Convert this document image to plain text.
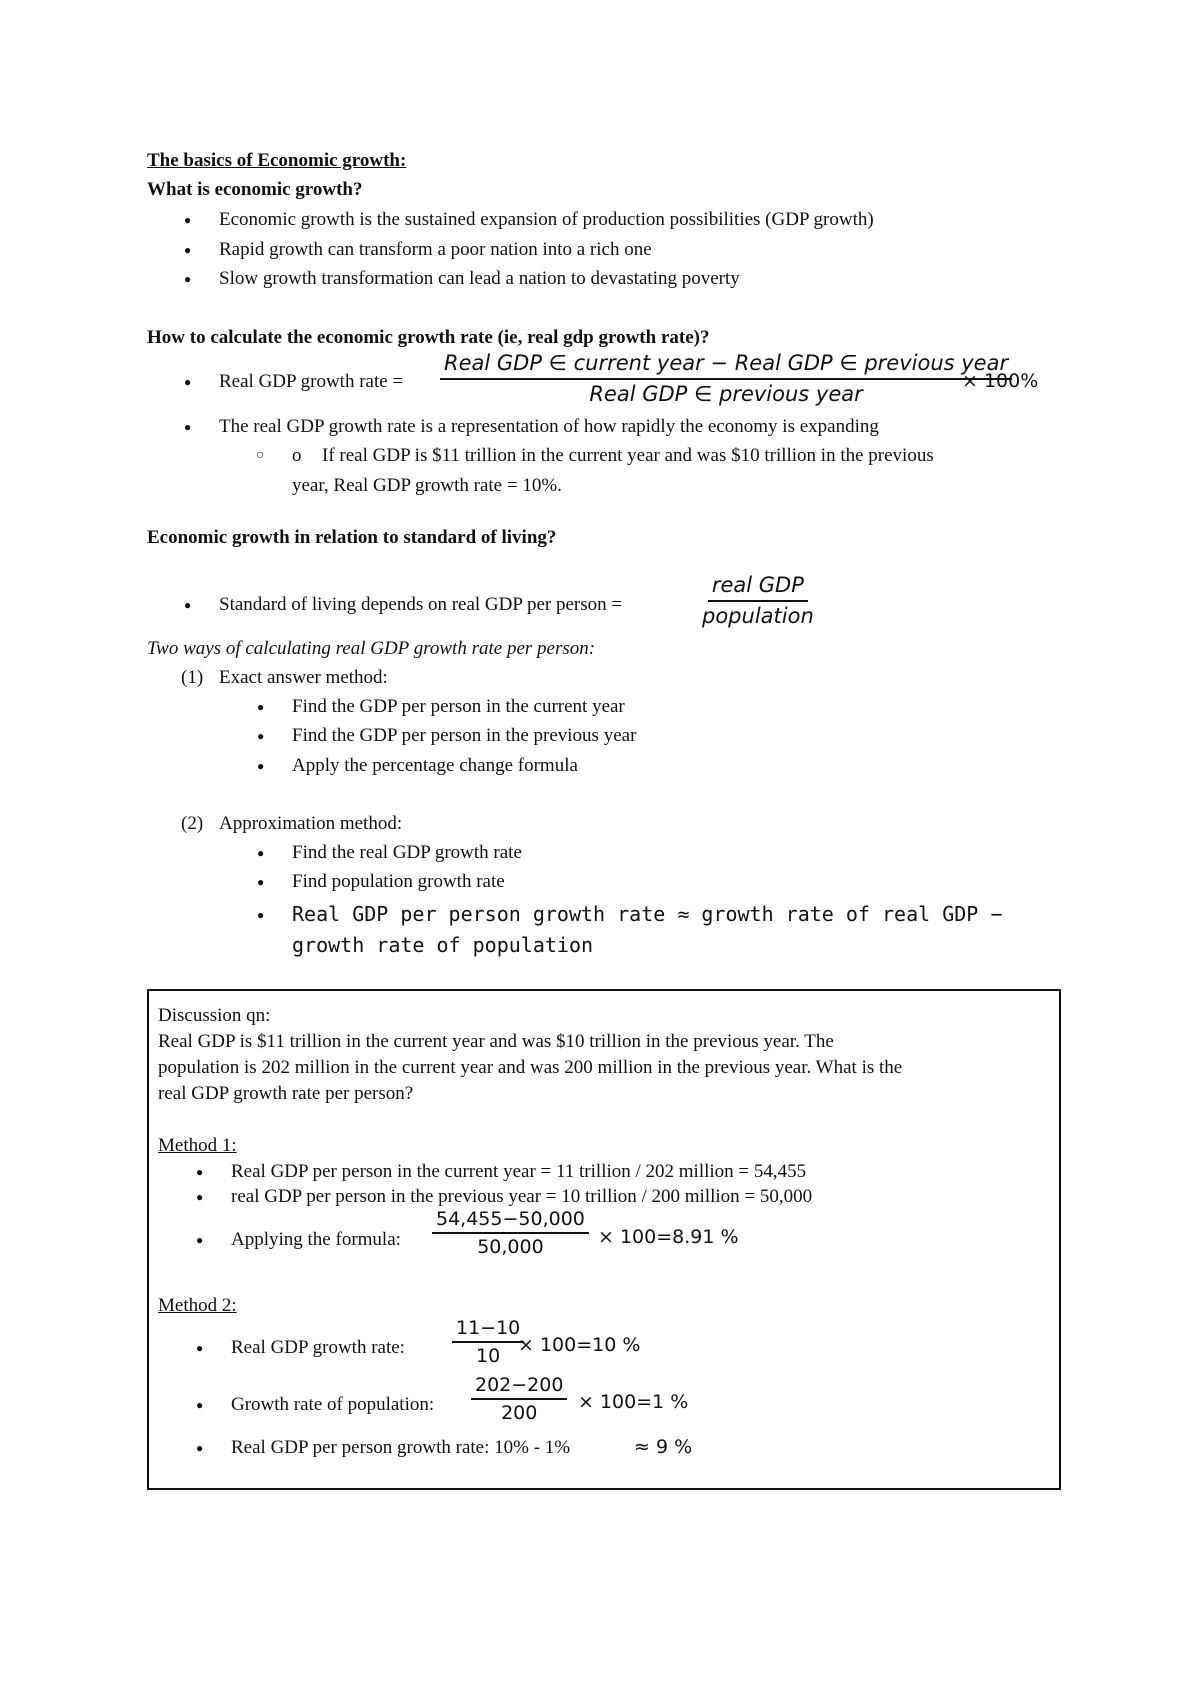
The basics of Economic growth:
What is economic growth?
● Economic growth is the sustained expansion of production possibilities (GDP growth)
● Rapid growth can transform a poor nation into a rich one
● Slow growth transformation can lead a nation to devastating poverty
How to calculate the economic growth rate (ie, real gdp growth rate)?
● Real GDP growth rate =
Real GDP ∈ current year − Real GDP ∈ previous year
Real GDP ∈ previous year
× 100%
● The real GDP growth rate is a representation of how rapidly the economy is expanding
○ o If real GDP is $11 trillion in the current year and was $10 trillion in the previous
year, Real GDP growth rate = 10%.
Economic growth in relation to standard of living?
● Standard of living depends on real GDP per person =
real GDP
population
Two ways of calculating real GDP growth rate per person:
(1) Exact answer method:
● Find the GDP per person in the current year
● Find the GDP per person in the previous year
● Apply the percentage change formula
(2) Approximation method:
● Find the real GDP growth rate
● Find population growth rate
● Real GDP per person growth rate ≈ growth rate of real GDP −
growth rate of population
Discussion qn:
Real GDP is $11 trillion in the current year and was $10 trillion in the previous year. The
population is 202 million in the current year and was 200 million in the previous year. What is the
real GDP growth rate per person?
Method 1:
● Real GDP per person in the current year = 11 trillion / 202 million = 54,455
● real GDP per person in the previous year = 10 trillion / 200 million = 50,000
● Applying the formula: $\frac{54,455-50,000}{50,000} \times 100=8.91$ %
Method 2:
● Real GDP growth rate: $\frac{11-10}{10}$
× 100=10 %
● Growth rate of population: $\frac{202-200}{200} \times 100=1$ %
● Real GDP per person growth rate: 10% - 1%	≈ 9 %
